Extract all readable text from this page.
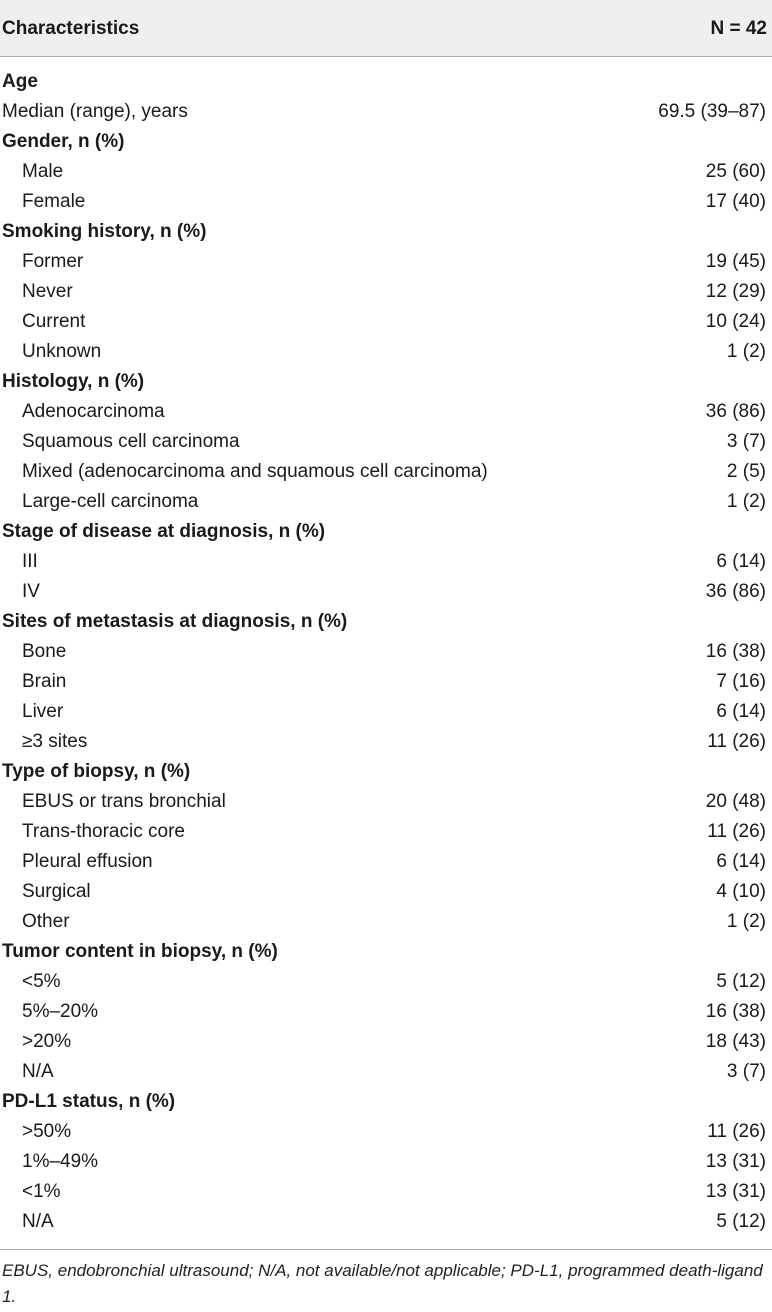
Characteristics	N = 42
Age
Median (range), years	69.5 (39–87)
Gender, n (%)
Male	25 (60)
Female	17 (40)
Smoking history, n (%)
Former	19 (45)
Never	12 (29)
Current	10 (24)
Unknown	1 (2)
Histology, n (%)
Adenocarcinoma	36 (86)
Squamous cell carcinoma	3 (7)
Mixed (adenocarcinoma and squamous cell carcinoma)	2 (5)
Large-cell carcinoma	1 (2)
Stage of disease at diagnosis, n (%)
III	6 (14)
IV	36 (86)
Sites of metastasis at diagnosis, n (%)
Bone	16 (38)
Brain	7 (16)
Liver	6 (14)
≥3 sites	11 (26)
Type of biopsy, n (%)
EBUS or trans bronchial	20 (48)
Trans-thoracic core	11 (26)
Pleural effusion	6 (14)
Surgical	4 (10)
Other	1 (2)
Tumor content in biopsy, n (%)
<5%	5 (12)
5%–20%	16 (38)
>20%	18 (43)
N/A	3 (7)
PD-L1 status, n (%)
>50%	11 (26)
1%–49%	13 (31)
<1%	13 (31)
N/A	5 (12)
EBUS, endobronchial ultrasound; N/A, not available/not applicable; PD-L1, programmed death-ligand 1.
